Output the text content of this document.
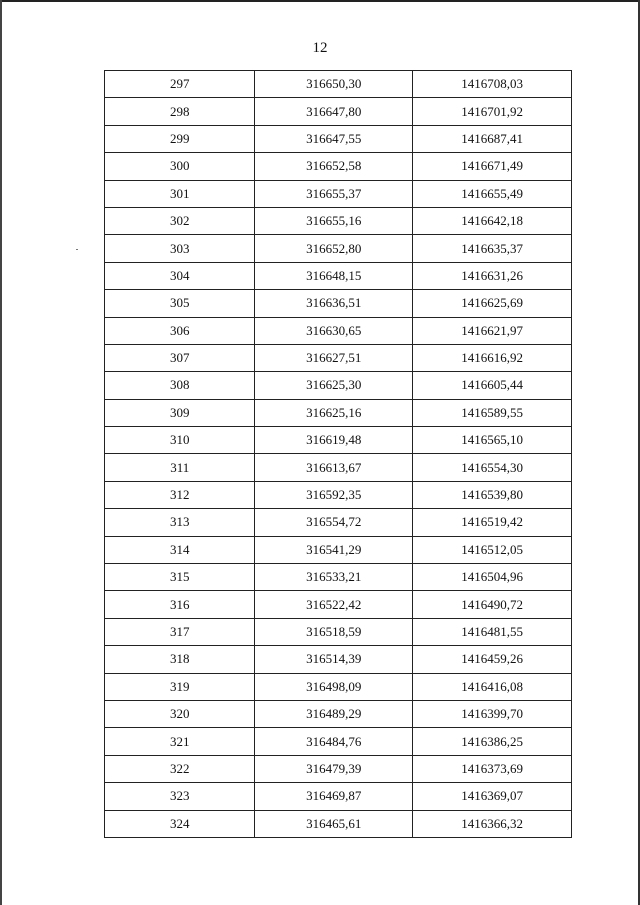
12
297	316650,30	1416708,03
298	316647,80	1416701,92
299	316647,55	1416687,41
300	316652,58	1416671,49
301	316655,37	1416655,49
302	316655,16	1416642,18
303	316652,80	1416635,37
304	316648,15	1416631,26
305	316636,51	1416625,69
306	316630,65	1416621,97
307	316627,51	1416616,92
308	316625,30	1416605,44
309	316625,16	1416589,55
310	316619,48	1416565,10
311	316613,67	1416554,30
312	316592,35	1416539,80
313	316554,72	1416519,42
314	316541,29	1416512,05
315	316533,21	1416504,96
316	316522,42	1416490,72
317	316518,59	1416481,55
318	316514,39	1416459,26
319	316498,09	1416416,08
320	316489,29	1416399,70
321	316484,76	1416386,25
322	316479,39	1416373,69
323	316469,87	1416369,07
324	316465,61	1416366,32
